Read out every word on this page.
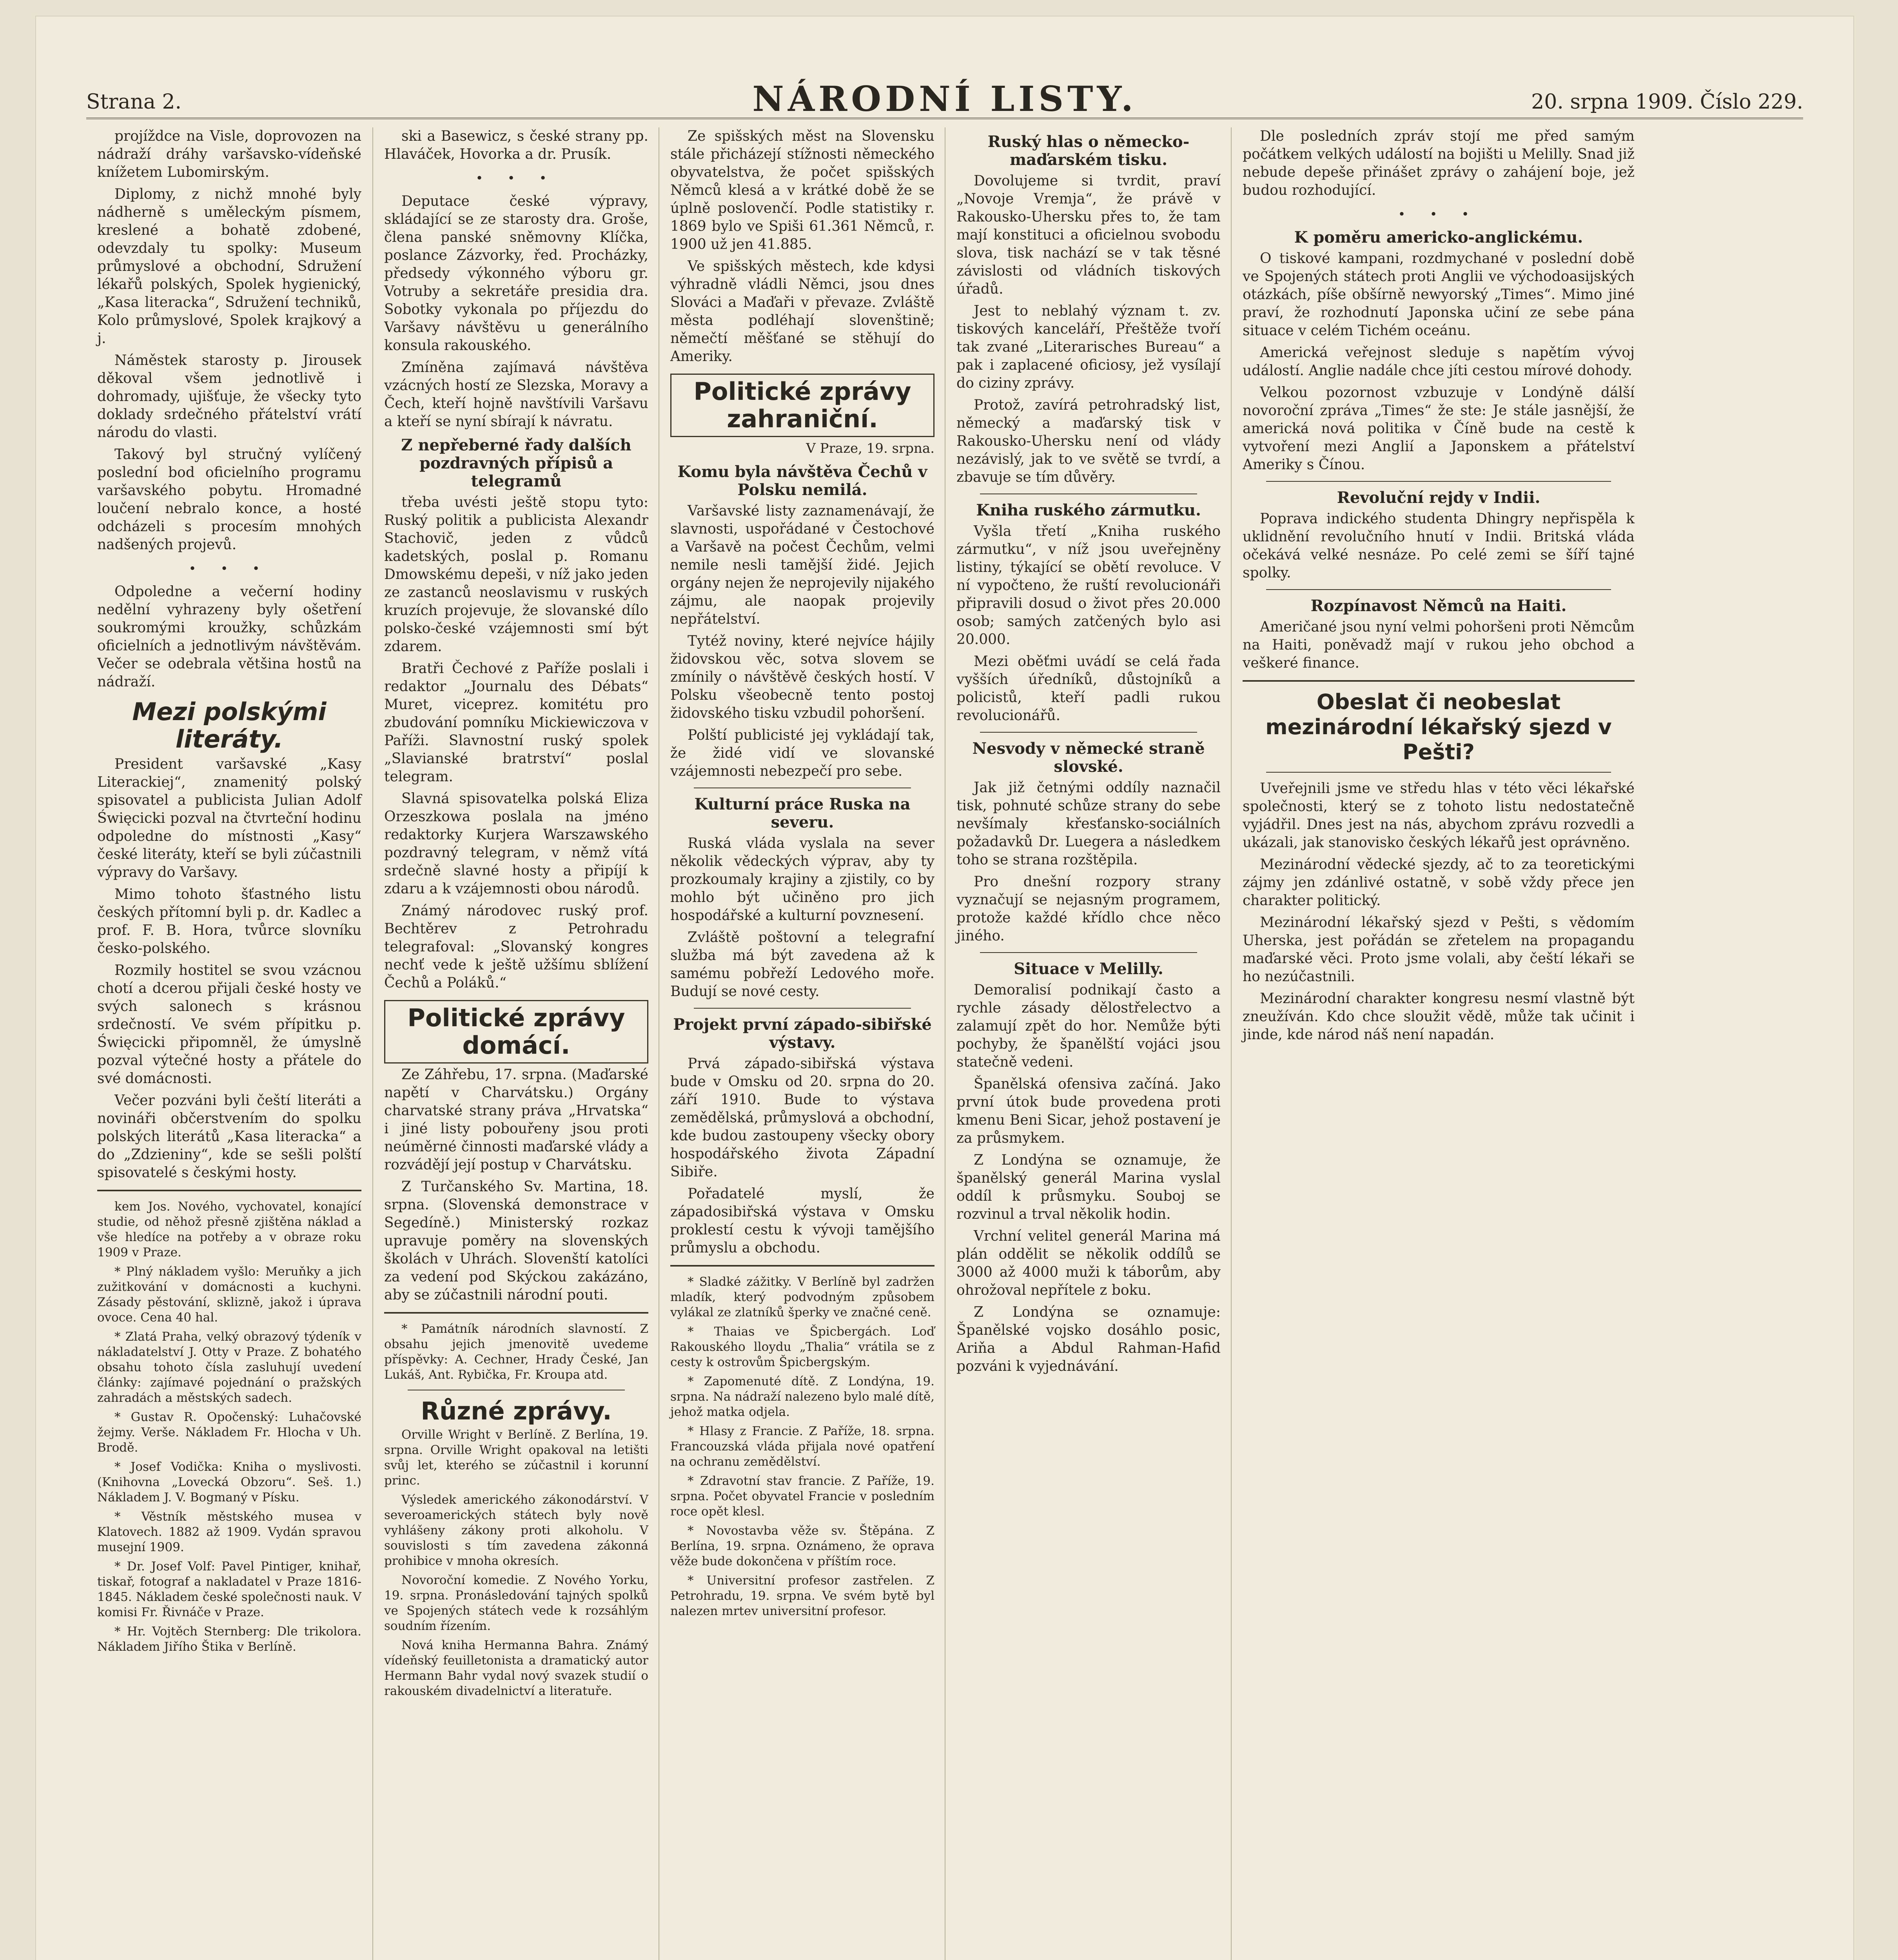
Strana 2.	NÁRODNÍ LISTY.	20. srpna 1909. Číslo 229.

projíždce na Visle, doprovozen na nádraží dráhy varšavsko-vídeňské knížetem Lubomirským.

Diplomy, z nichž mnohé byly nádherně s uměleckým písmem, kreslené a bohatě zdobené, odevzdaly tu spolky: Museum průmyslové a obchodní, Sdružení lékařů polských, Spolek hygienický, „Kasa literacka“, Sdružení techniků, Kolo průmyslové, Spolek krajkový a j.

Náměstek starosty p. Jirousek děkoval všem jednotlivě i dohromady, ujišťuje, že všecky tyto doklady srdečného přátelství vrátí národu do vlasti.

Takový byl stručný vylíčený poslední bod oficielního programu varšavského pobytu. Hromadné loučení nebralo konce, a hosté odcházeli s procesím mnohých nadšených projevů.

• • •

Odpoledne a večerní hodiny nedělní vyhrazeny byly ošetření soukromými kroužky, schůzkám oficielních a jednotlivým návštěvám. Večer se odebrala většina hostů na nádraží.

Mezi polskými literáty.

President varšavské „Kasy Literackiej“, znamenitý polský spisovatel a publicista Julian Adolf Święcicki pozval na čtvrteční hodinu odpoledne do místnosti „Kasy“ české literáty, kteří se byli zúčastnili výpravy do Varšavy.

Mimo tohoto šťastného listu českých přítomní byli p. dr. Kadlec a prof. F. B. Hora, tvůrce slovníku česko-polského.

Rozmily hostitel se svou vzácnou chotí a dcerou přijali české hosty ve svých salonech s krásnou srdečností. Ve svém přípitku p. Święcicki připomněl, že úmyslně pozval výtečné hosty a přátele do své domácnosti.

Večer pozváni byli čeští literáti a novináři občerstvením do spolku polských literátů „Kasa literacka“ a do „Zdzieniny“, kde se sešli polští spisovatelé s českými hosty.

kem Jos. Nového, vychovatel, konající studie, od něhož přesně zjištěna náklad a vše hledíce na potřeby a v obraze roku 1909 v Praze.

* Plný nákladem vyšlo: Meruňky a jich zužitkování v domácnosti a kuchyni. Zásady pěstování, sklizně, jakož i úprava ovoce. Cena 40 hal.

* Zlatá Praha, velký obrazový týdeník v nákladatelství J. Otty v Praze. Z bohatého obsahu tohoto čísla zasluhují uvedení články: zajímavé pojednání o pražských zahradách a městských sadech.

* Gustav R. Opočenský: Luhačovské žejmy. Verše. Nákladem Fr. Hlocha v Uh. Brodě.

* Josef Vodička: Kniha o myslivosti. (Knihovna „Lovecká Obzoru“. Seš. 1.) Nákladem J. V. Bogmaný v Písku.

* Věstník městského musea v Klatovech. 1882 až 1909. Vydán spravou musejní 1909.

* Dr. Josef Volf: Pavel Pintiger, knihař, tiskař, fotograf a nakladatel v Praze 1816-1845. Nákladem české společnosti nauk. V komisi Fr. Řivnáče v Praze.

* Hr. Vojtěch Sternberg: Dle trikolora. Nákladem Jiřího Štika v Berlíně.

ski a Basewicz, s české strany pp. Hlaváček, Hovorka a dr. Prusík.

• • •

Deputace české výpravy, skládající se ze starosty dra. Groše, člena panské sněmovny Klíčka, poslance Zázvorky, řed. Procházky, předsedy výkonného výboru gr. Votruby a sekretáře presidia dra. Sobotky vykonala po příjezdu do Varšavy návštěvu u generálního konsula rakouského.

Zmíněna zajímavá návštěva vzácných hostí ze Slezska, Moravy a Čech, kteří hojně navštívili Varšavu a kteří se nyní sbírají k návratu.

Z nepřeberné řady dalších pozdravných přípisů a telegramů

třeba uvésti ještě stopu tyto: Ruský politik a publicista Alexandr Stachovič, jeden z vůdců kadetských, poslal p. Romanu Dmowskému depeši, v níž jako jeden ze zastanců neoslavismu v ruských kruzích projevuje, že slovanské dílo polsko-české vzájemnosti smí být zdarem.

Bratři Čechové z Paříže poslali i redaktor „Journalu des Débats“ Muret, viceprez. komitétu pro zbudování pomníku Mickiewiczova v Paříži. Slavnostní ruský spolek „Slavianské bratrství“ poslal telegram.

Slavná spisovatelka polská Eliza Orzeszkowa poslala na jméno redaktorky Kurjera Warszawského pozdravný telegram, v němž vítá srdečně slavné hosty a připíjí k zdaru a k vzájemnosti obou národů.

Známý národovec ruský prof. Bechtěrev z Petrohradu telegrafoval: „Slovanský kongres nechť vede k ještě užšímu sblížení Čechů a Poláků.“

Politické zprávy domácí.

Ze Záhřebu, 17. srpna. (Maďarské napětí v Charvátsku.) Orgány charvatské strany práva „Hrvatska“ i jiné listy pobouřeny jsou proti neúměrné činnosti maďarské vlády a rozvádějí její postup v Charvátsku.

Z Turčanského Sv. Martina, 18. srpna. (Slovenská demonstrace v Segedíně.) Ministerský rozkaz upravuje poměry na slovenských školách v Uhrách. Slovenští katolíci za vedení pod Skýckou zakázáno, aby se zúčastnili národní pouti.

* Památník národních slavností. Z obsahu jejich jmenovitě uvedeme příspěvky: A. Cechner, Hrady České, Jan Lukáš, Ant. Rybička, Fr. Kroupa atd.

Různé zprávy.

Orville Wright v Berlíně. Z Berlína, 19. srpna. Orville Wright opakoval na letišti svůj let, kterého se zúčastnil i korunní princ.

Výsledek amerického zákonodárství. V severoamerických státech byly nově vyhlášeny zákony proti alkoholu. V souvislosti s tím zavedena zákonná prohibice v mnoha okresích.

Novoroční komedie. Z Nového Yorku, 19. srpna. Pronásledování tajných spolků ve Spojených státech vede k rozsáhlým soudním řízením.

Nová kniha Hermanna Bahra. Známý vídeňský feuilletonista a dramatický autor Hermann Bahr vydal nový svazek studií o rakouském divadelnictví a literatuře.

Ze spišských měst na Slovensku stále přicházejí stížnosti německého obyvatelstva, že počet spišských Němců klesá a v krátké době že se úplně poslovenčí. Podle statistiky r. 1869 bylo ve Spiši 61.361 Němců, r. 1900 už jen 41.885.

Ve spišských městech, kde kdysi výhradně vládli Němci, jsou dnes Slováci a Maďaři v převaze. Zvláště města podléhají slovenštině; němečtí měšťané se stěhují do Ameriky.

Politické zprávy zahraniční.
V Praze, 19. srpna.
Komu byla návštěva Čechů v Polsku nemilá.

Varšavské listy zaznamenávají, že slavnosti, uspořádané v Čestochové a Varšavě na počest Čechům, velmi nemile nesli tamější židé. Jejich orgány nejen že neprojevily nijakého zájmu, ale naopak projevily nepřátelství.

Tytéž noviny, které nejvíce hájily židovskou věc, sotva slovem se zmínily o návštěvě českých hostí. V Polsku všeobecně tento postoj židovského tisku vzbudil pohoršení.

Polští publicisté jej vykládají tak, že židé vidí ve slovanské vzájemnosti nebezpečí pro sebe.

Kulturní práce Ruska na severu.

Ruská vláda vyslala na sever několik vědeckých výprav, aby ty prozkoumaly krajiny a zjistily, co by mohlo být učiněno pro jich hospodářské a kulturní povznesení.

Zvláště poštovní a telegrafní služba má být zavedena až k samému pobřeží Ledového moře. Budují se nové cesty.

Projekt první západo-sibiřské výstavy.

Prvá západo-sibiřská výstava bude v Omsku od 20. srpna do 20. září 1910. Bude to výstava zemědělská, průmyslová a obchodní, kde budou zastoupeny všecky obory hospodářského života Západní Sibiře.

Pořadatelé myslí, že západosibiřská výstava v Omsku proklestí cestu k vývoji tamějšího průmyslu a obchodu.

* Sladké zážitky. V Berlíně byl zadržen mladík, který podvodným způsobem vylákal ze zlatníků šperky ve značné ceně.

* Thaias ve Špicbergách. Loď Rakouského lloydu „Thalia“ vrátila se z cesty k ostrovům Špicbergským.

* Zapomenuté dítě. Z Londýna, 19. srpna. Na nádraží nalezeno bylo malé dítě, jehož matka odjela.

* Hlasy z Francie. Z Paříže, 18. srpna. Francouzská vláda přijala nové opatření na ochranu zemědělství.

* Zdravotní stav francie. Z Paříže, 19. srpna. Počet obyvatel Francie v posledním roce opět klesl.

* Novostavba věže sv. Štěpána. Z Berlína, 19. srpna. Oznámeno, že oprava věže bude dokončena v příštím roce.

* Universitní profesor zastřelen. Z Petrohradu, 19. srpna. Ve svém bytě byl nalezen mrtev universitní profesor.

Ruský hlas o německo-maďarském tisku.

Dovolujeme si tvrdit, praví „Novoje Vremja“, že právě v Rakousko-Uhersku přes to, že tam mají konstituci a oficielnou svobodu slova, tisk nachází se v tak těsné závislosti od vládních tiskových úřadů.

Jest to neblahý význam t. zv. tiskových kanceláří, Přeštěže tvoří tak zvané „Literarisches Bureau“ a pak i zaplacené oficiosy, jež vysílají do ciziny zprávy.

Protož, zavírá petrohradský list, německý a maďarský tisk v Rakousko-Uhersku není od vlády nezávislý, jak to ve světě se tvrdí, a zbavuje se tím důvěry.

Kniha ruského zármutku.

Vyšla třetí „Kniha ruského zármutku“, v níž jsou uveřejněny listiny, týkající se obětí revoluce. V ní vypočteno, že ruští revolucionáři připravili dosud o život přes 20.000 osob; samých zatčených bylo asi 20.000.

Mezi oběťmi uvádí se celá řada vyšších úředníků, důstojníků a policistů, kteří padli rukou revolucionářů.

Nesvody v německé straně slovské.

Jak již četnými oddíly naznačil tisk, pohnuté schůze strany do sebe nevšímaly křesťansko-sociálních požadavků Dr. Luegera a následkem toho se strana rozštěpila.

Pro dnešní rozpory strany vyznačují se nejasným programem, protože každé křídlo chce něco jiného.

Situace v Melilly.

Demoralisí podnikají často a rychle zásady dělostřelectvo a zalamují zpět do hor. Nemůže býti pochyby, že španělští vojáci jsou statečně vedeni.

Španělská ofensiva začíná. Jako první útok bude provedena proti kmenu Beni Sicar, jehož postavení je za průsmykem.

Z Londýna se oznamuje, že španělský generál Marina vyslal oddíl k průsmyku. Souboj se rozvinul a trval několik hodin.

Vrchní velitel generál Marina má plán oddělit se několik oddílů se 3000 až 4000 muži k táborům, aby ohrožoval nepřítele z boku.

Z Londýna se oznamuje: Španělské vojsko dosáhlo posic, Ariňa a Abdul Rahman-Hafid pozváni k vyjednávání.

Dle posledních zpráv stojí me před samým počátkem velkých událostí na bojišti u Melilly. Snad již nebude depeše přinášet zprávy o zahájení boje, jež budou rozhodující.

• • •
K poměru americko-anglickému.

O tiskové kampani, rozdmychané v poslední době ve Spojených státech proti Anglii ve východoasijských otázkách, píše obšírně newyorský „Times“. Mimo jiné praví, že rozhodnutí Japonska učiní ze sebe pána situace v celém Tichém oceánu.

Americká veřejnost sleduje s napětím vývoj událostí. Anglie nadále chce jíti cestou mírové dohody.

Velkou pozornost vzbuzuje v Londýně dálší novoroční zpráva „Times“ že ste: Je stále jasnější, že americká nová politika v Číně bude na cestě k vytvoření mezi Anglií a Japonskem a přátelství Ameriky s Čínou.

Revoluční rejdy v Indii.

Poprava indického studenta Dhingry nepřispěla k uklidnění revolučního hnutí v Indii. Britská vláda očekává velké nesnáze. Po celé zemi se šíří tajné spolky.

Rozpínavost Němců na Haiti.

Američané jsou nyní velmi pohoršeni proti Němcům na Haiti, poněvadž mají v rukou jeho obchod a veškeré finance.

Obeslat či neobeslat mezinárodní lékařský sjezd v Pešti?

Uveřejnili jsme ve středu hlas v této věci lékařské společnosti, který se z tohoto listu nedostatečně vyjádřil. Dnes jest na nás, abychom zprávu rozvedli a ukázali, jak stanovisko českých lékařů jest oprávněno.

Mezinárodní vědecké sjezdy, ač to za teoretickými zájmy jen zdánlivé ostatně, v sobě vždy přece jen charakter politický.

Mezinárodní lékařský sjezd v Pešti, s vědomím Uherska, jest pořádán se zřetelem na propagandu maďarské věci. Proto jsme volali, aby čeští lékaři se ho nezúčastnili.

Mezinárodní charakter kongresu nesmí vlastně být zneužíván. Kdo chce sloužit vědě, může tak učinit i jinde, kde národ náš není napadán.
